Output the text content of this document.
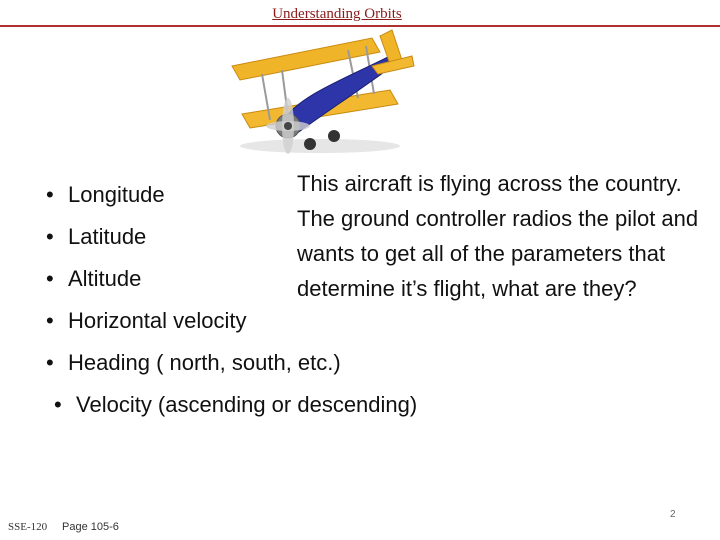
Understanding Orbits
• Longitude
• Latitude
• Altitude
• Horizontal velocity
• Heading ( north, south, etc.)
• Velocity (ascending or descending)

This aircraft is flying across the country.

The ground controller radios the pilot and wants to get all of the parameters that determine it’s flight, what are they?

SSE-120 Page 105-6
2
